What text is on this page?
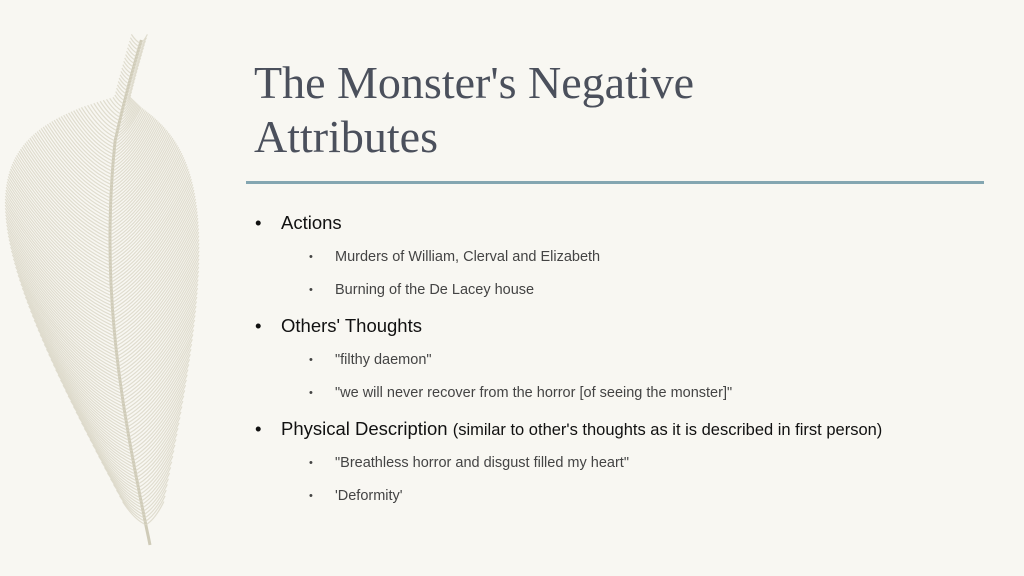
The Monster's Negative
Attributes
• Actions
• Murders of William, Clerval and Elizabeth
• Burning of the De Lacey house
• Others' Thoughts
• "filthy daemon"
• "we will never recover from the horror [of seeing the monster]"
• Physical Description (similar to other's thoughts as it is described in first person)
• "Breathless horror and disgust filled my heart"
• 'Deformity'
